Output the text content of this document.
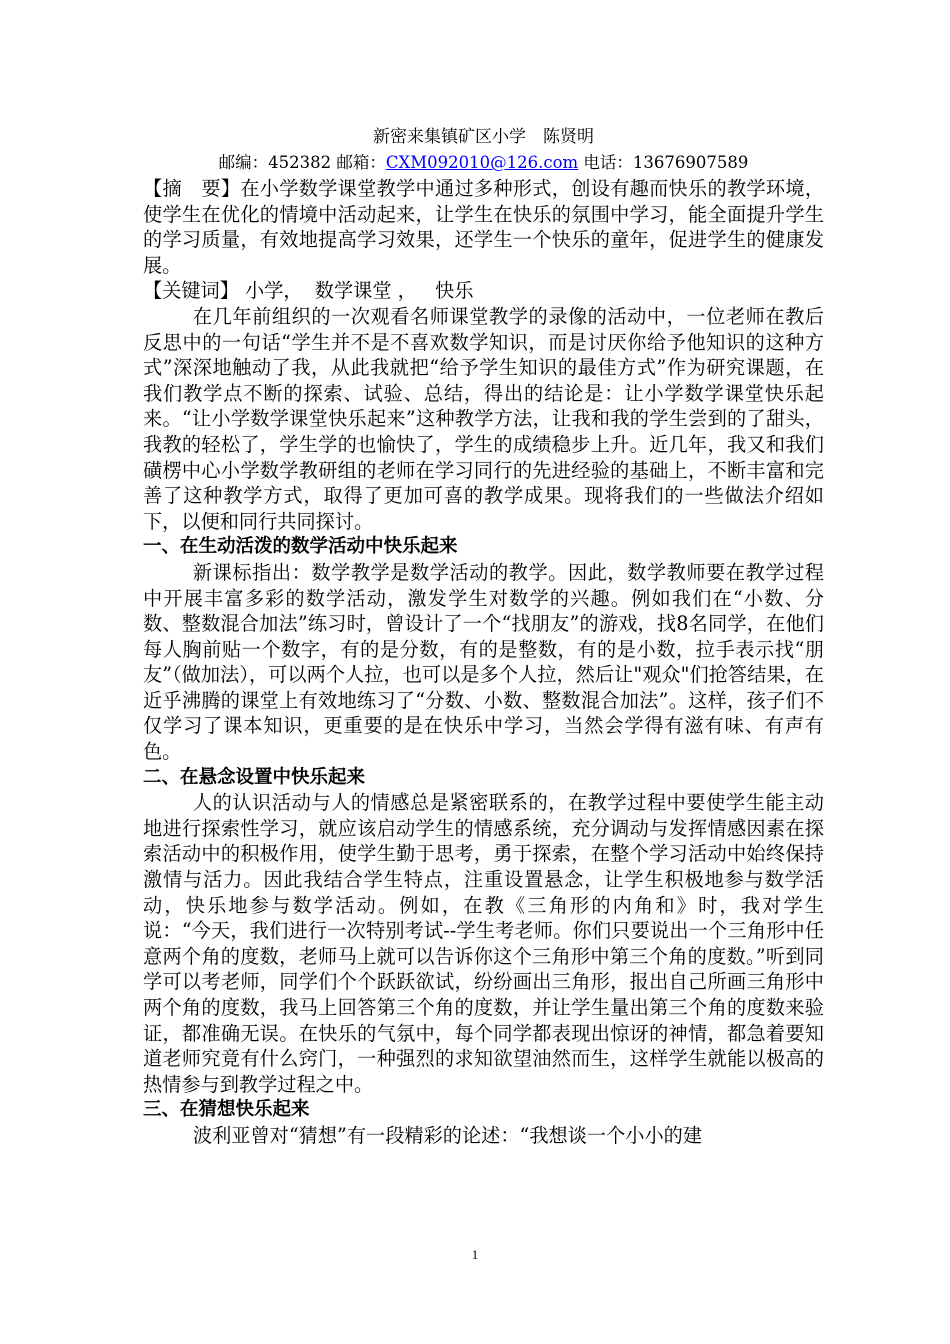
新密来集镇矿区小学　陈贤明
邮编：452382 邮箱：CXM092010@126.com 电话：13676907589

【摘　要】在小学数学课堂教学中通过多种形式，创设有趣而快乐的教学环境，使学生在优化的情境中活动起来，让学生在快乐的氛围中学习，能全面提升学生的学习质量，有效地提高学习效果，还学生一个快乐的童年，促进学生的健康发展。

【关键词】 小学，  数学课堂 ，   快乐

在几年前组织的一次观看名师课堂教学的录像的活动中，一位老师在教后反思中的一句话“学生并不是不喜欢数学知识，而是讨厌你给予他知识的这种方式”深深地触动了我，从此我就把“给予学生知识的最佳方式”作为研究课题，在我们教学点不断的探索、试验、总结，得出的结论是：让小学数学课堂快乐起来。“让小学数学课堂快乐起来”这种教学方法，让我和我的学生尝到的了甜头，我教的轻松了，学生学的也愉快了，学生的成绩稳步上升。近几年，我又和我们磺楞中心小学数学教研组的老师在学习同行的先进经验的基础上，不断丰富和完善了这种教学方式，取得了更加可喜的教学成果。现将我们的一些做法介绍如下，以便和同行共同探讨。

一、在生动活泼的数学活动中快乐起来

新课标指出：数学教学是数学活动的教学。因此，数学教师要在教学过程中开展丰富多彩的数学活动，激发学生对数学的兴趣。例如我们在“小数、分数、整数混合加法”练习时，曾设计了一个“找朋友”的游戏，找8名同学，在他们每人胸前贴一个数字，有的是分数，有的是整数，有的是小数，拉手表示找“朋友”（做加法），可以两个人拉，也可以是多个人拉，然后让"观众"们抢答结果，在近乎沸腾的课堂上有效地练习了“分数、小数、整数混合加法”。这样，孩子们不仅学习了课本知识，更重要的是在快乐中学习，当然会学得有滋有味、有声有色。

二、在悬念设置中快乐起来

人的认识活动与人的情感总是紧密联系的，在教学过程中要使学生能主动地进行探索性学习，就应该启动学生的情感系统，充分调动与发挥情感因素在探索活动中的积极作用，使学生勤于思考，勇于探索，在整个学习活动中始终保持激情与活力。因此我结合学生特点，注重设置悬念，让学生积极地参与数学活动，快乐地参与数学活动。例如，在教《三角形的内角和》时，我对学生说：“今天，我们进行一次特别考试--学生考老师。你们只要说出一个三角形中任意两个角的度数，老师马上就可以告诉你这个三角形中第三个角的度数。”听到同学可以考老师，同学们个个跃跃欲试，纷纷画出三角形，报出自己所画三角形中两个角的度数，我马上回答第三个角的度数，并让学生量出第三个角的度数来验证，都准确无误。在快乐的气氛中，每个同学都表现出惊讶的神情，都急着要知道老师究竟有什么窍门，一种强烈的求知欲望油然而生，这样学生就能以极高的热情参与到教学过程之中。

三、在猜想快乐起来

波利亚曾对“猜想”有一段精彩的论述：“我想谈一个小小的建

1
